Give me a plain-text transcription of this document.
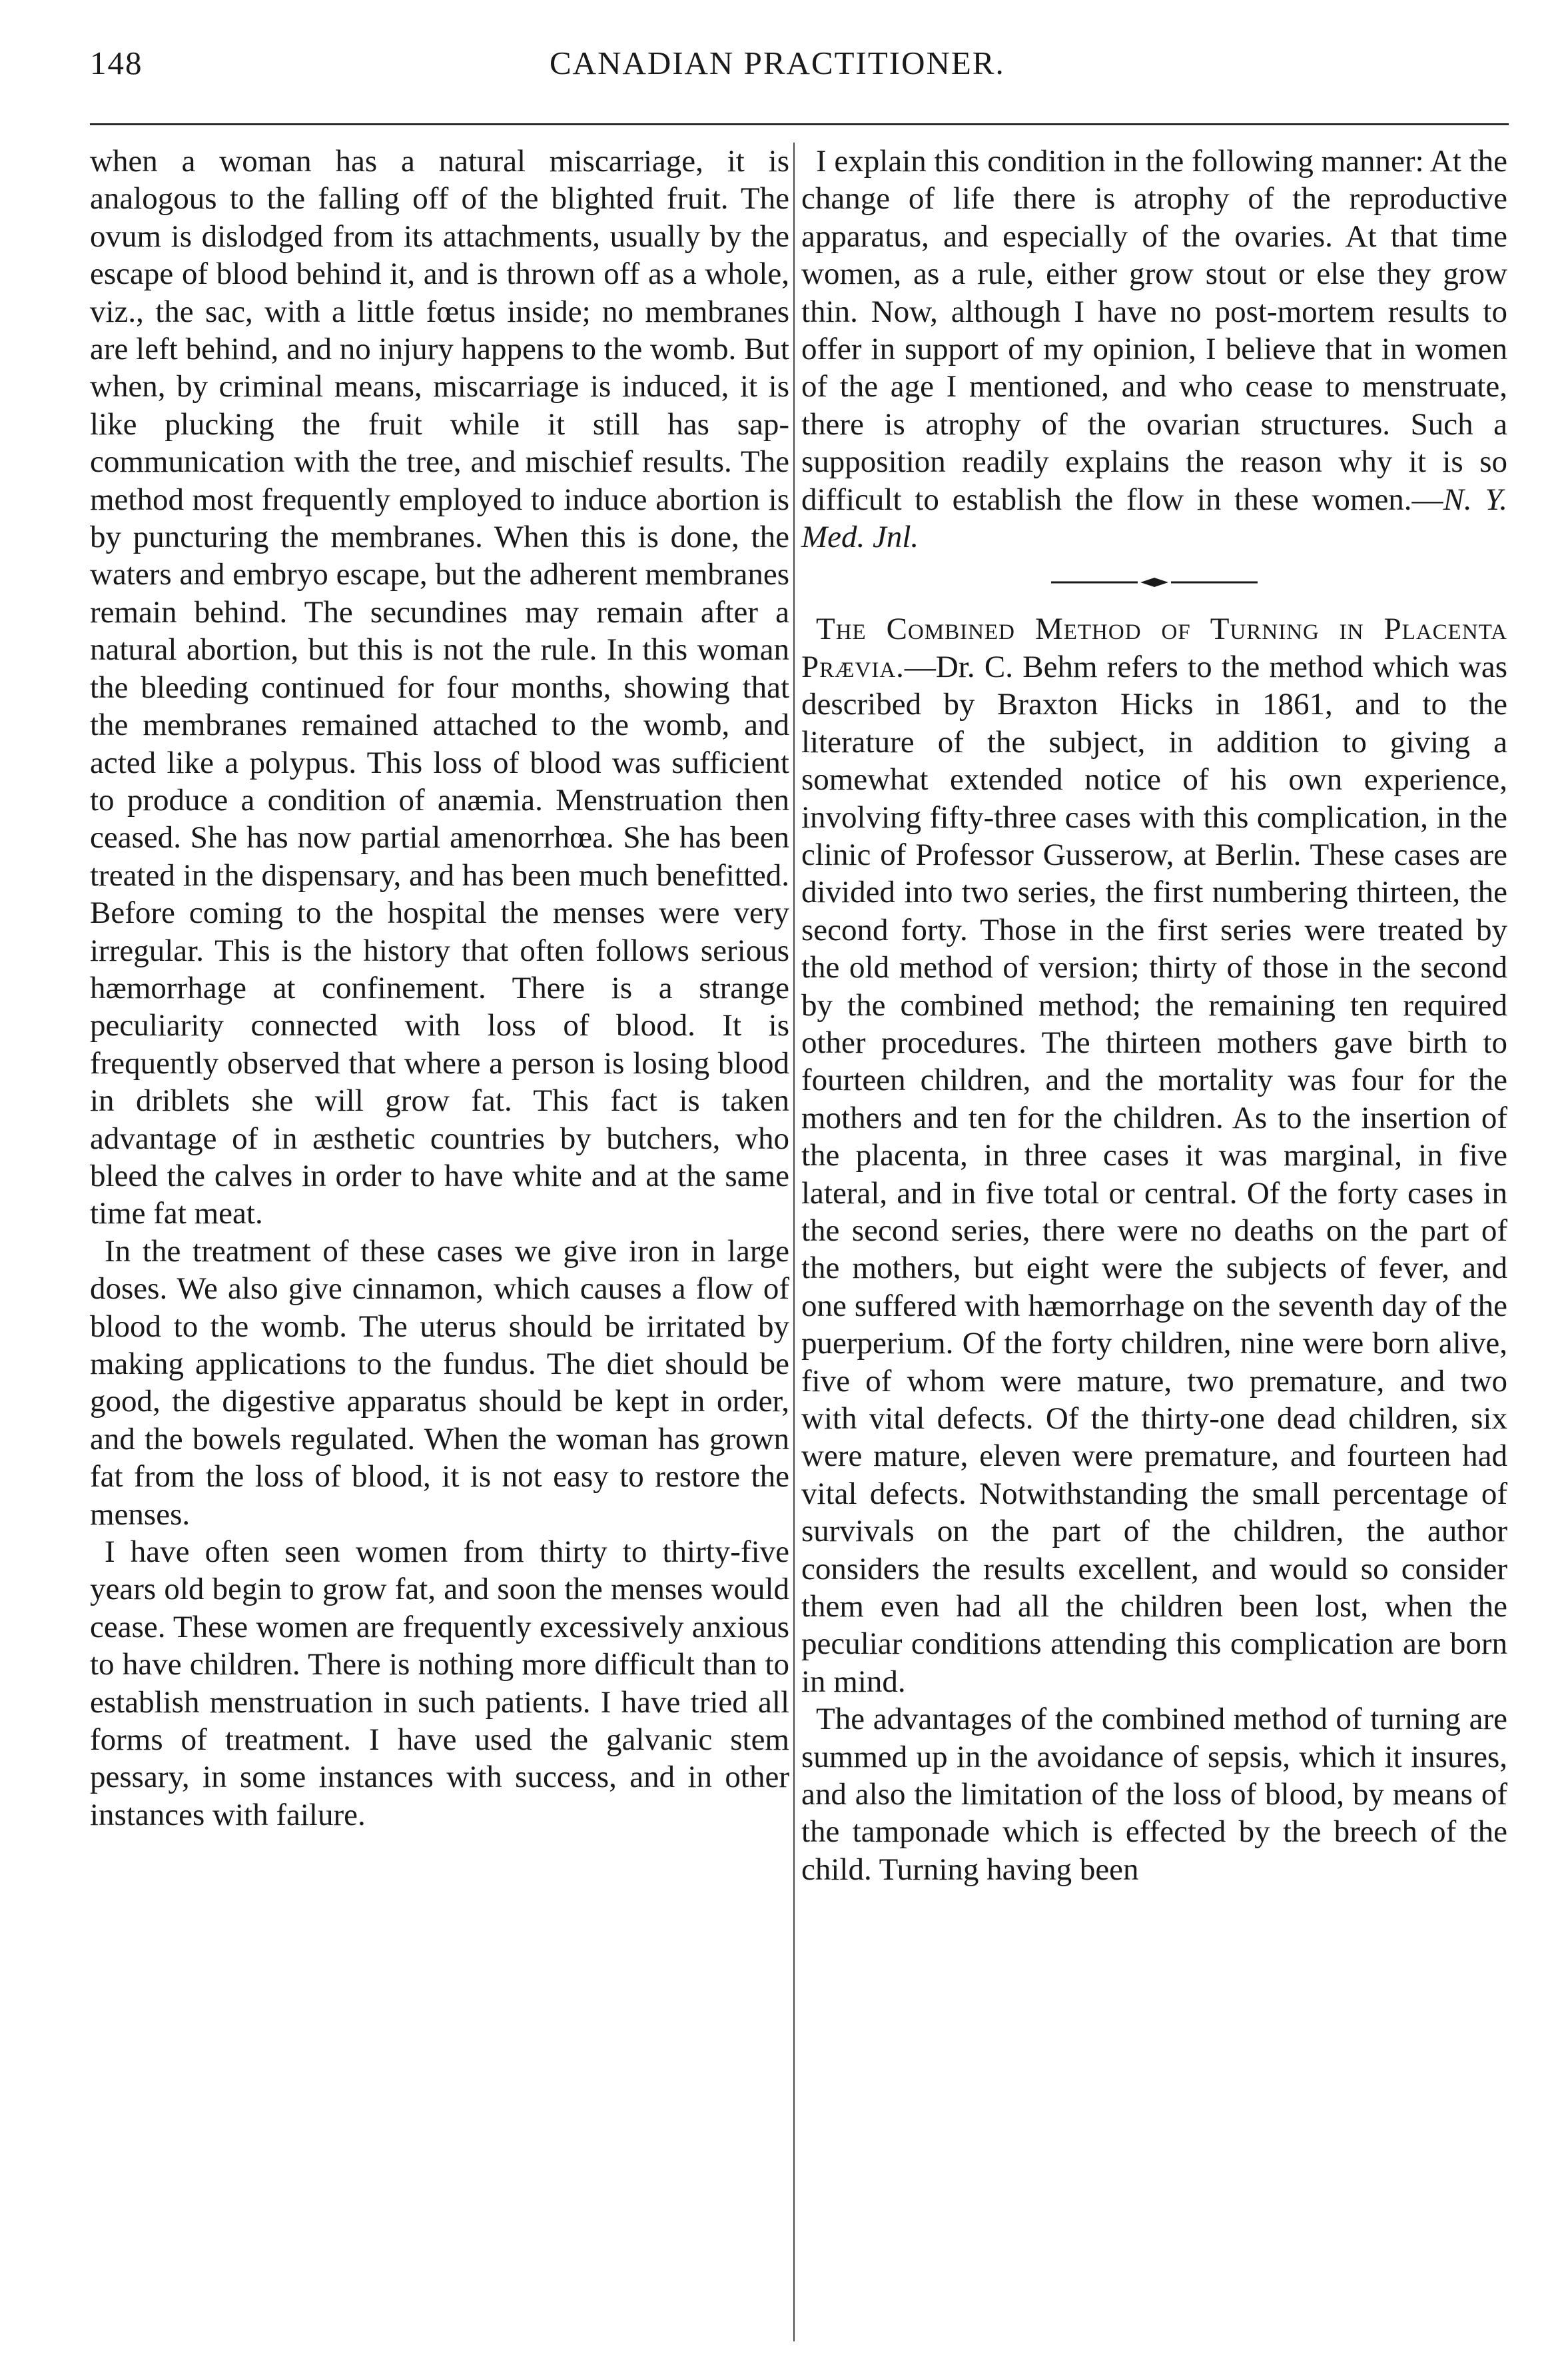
148	CANADIAN PRACTITIONER.

when a woman has a natural miscarriage, it is analogous to the falling off of the blighted fruit. The ovum is dislodged from its attachments, usually by the escape of blood behind it, and is thrown off as a whole, viz., the sac, with a little fœtus inside; no membranes are left behind, and no injury happens to the womb. But when, by criminal means, miscarriage is induced, it is like plucking the fruit while it still has sap-communication with the tree, and mischief results. The method most frequently employed to induce abortion is by puncturing the membranes. When this is done, the waters and embryo escape, but the adherent membranes remain behind. The secundines may remain after a natural abortion, but this is not the rule. In this woman the bleeding continued for four months, showing that the membranes remained attached to the womb, and acted like a polypus. This loss of blood was sufficient to produce a condition of anæmia. Menstruation then ceased. She has now partial amenorrhœa. She has been treated in the dispensary, and has been much benefitted. Before coming to the hospital the menses were very irregular. This is the history that often follows serious hæmorrhage at confinement. There is a strange peculiarity connected with loss of blood. It is frequently observed that where a person is losing blood in driblets she will grow fat. This fact is taken advantage of in æsthetic countries by butchers, who bleed the calves in order to have white and at the same time fat meat.

In the treatment of these cases we give iron in large doses. We also give cinnamon, which causes a flow of blood to the womb. The uterus should be irritated by making applications to the fundus. The diet should be good, the digestive apparatus should be kept in order, and the bowels regulated. When the woman has grown fat from the loss of blood, it is not easy to restore the menses.

I have often seen women from thirty to thirty-five years old begin to grow fat, and soon the menses would cease. These women are frequently excessively anxious to have children. There is nothing more difficult than to establish menstruation in such patients. I have tried all forms of treatment. I have used the galvanic stem pessary, in some instances with success, and in other instances with failure.

I explain this condition in the following manner: At the change of life there is atrophy of the reproductive apparatus, and especially of the ovaries. At that time women, as a rule, either grow stout or else they grow thin. Now, although I have no post-mortem results to offer in support of my opinion, I believe that in women of the age I mentioned, and who cease to menstruate, there is atrophy of the ovarian structures. Such a supposition readily explains the reason why it is so difficult to establish the flow in these women.—N. Y. Med. Jnl.

The Combined Method of Turning in Placenta Prævia.—Dr. C. Behm refers to the method which was described by Braxton Hicks in 1861, and to the literature of the subject, in addition to giving a somewhat extended notice of his own experience, involving fifty-three cases with this complication, in the clinic of Professor Gusserow, at Berlin. These cases are divided into two series, the first numbering thirteen, the second forty. Those in the first series were treated by the old method of version; thirty of those in the second by the combined method; the remaining ten required other procedures. The thirteen mothers gave birth to fourteen children, and the mortality was four for the mothers and ten for the children. As to the insertion of the placenta, in three cases it was marginal, in five lateral, and in five total or central. Of the forty cases in the second series, there were no deaths on the part of the mothers, but eight were the subjects of fever, and one suffered with hæmorrhage on the seventh day of the puerperium. Of the forty children, nine were born alive, five of whom were mature, two premature, and two with vital defects. Of the thirty-one dead children, six were mature, eleven were premature, and fourteen had vital defects. Notwithstanding the small percentage of survivals on the part of the children, the author considers the results excellent, and would so consider them even had all the children been lost, when the peculiar conditions attending this complication are born in mind.

The advantages of the combined method of turning are summed up in the avoidance of sepsis, which it insures, and also the limitation of the loss of blood, by means of the tamponade which is effected by the breech of the child. Turning having been
